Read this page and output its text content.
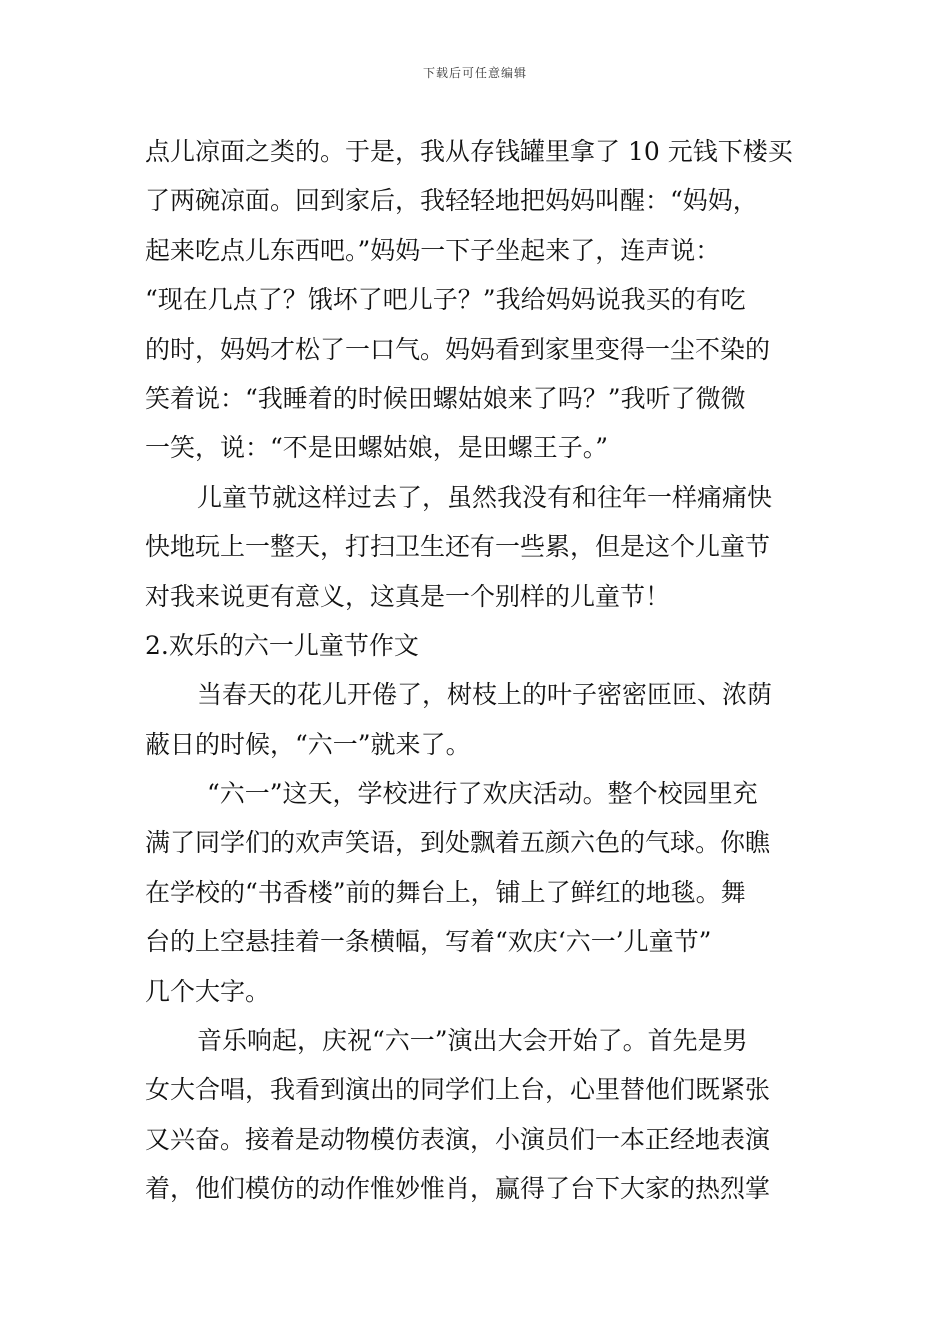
下载后可任意编辑
点儿凉面之类的。于是，我从存钱罐里拿了 10 元钱下楼买
了两碗凉面。回到家后，我轻轻地把妈妈叫醒：“妈妈，
起来吃点儿东西吧。”妈妈一下子坐起来了，连声说：
“现在几点了？饿坏了吧儿子？”我给妈妈说我买的有吃
的时，妈妈才松了一口气。妈妈看到家里变得一尘不染的
笑着说：“我睡着的时候田螺姑娘来了吗？”我听了微微
一笑，说：“不是田螺姑娘，是田螺王子。”
儿童节就这样过去了，虽然我没有和往年一样痛痛快
快地玩上一整天，打扫卫生还有一些累，但是这个儿童节
对我来说更有意义，这真是一个别样的儿童节！
2.欢乐的六一儿童节作文
当春天的花儿开倦了，树枝上的叶子密密匝匝、浓荫
蔽日的时候，“六一”就来了。
“六一”这天，学校进行了欢庆活动。整个校园里充
满了同学们的欢声笑语，到处飘着五颜六色的气球。你瞧
在学校的“书香楼”前的舞台上，铺上了鲜红的地毯。舞
台的上空悬挂着一条横幅，写着“欢庆‘六一’儿童节”
几个大字。
音乐响起，庆祝“六一”演出大会开始了。首先是男
女大合唱，我看到演出的同学们上台，心里替他们既紧张
又兴奋。接着是动物模仿表演，小演员们一本正经地表演
着，他们模仿的动作惟妙惟肖，赢得了台下大家的热烈掌
